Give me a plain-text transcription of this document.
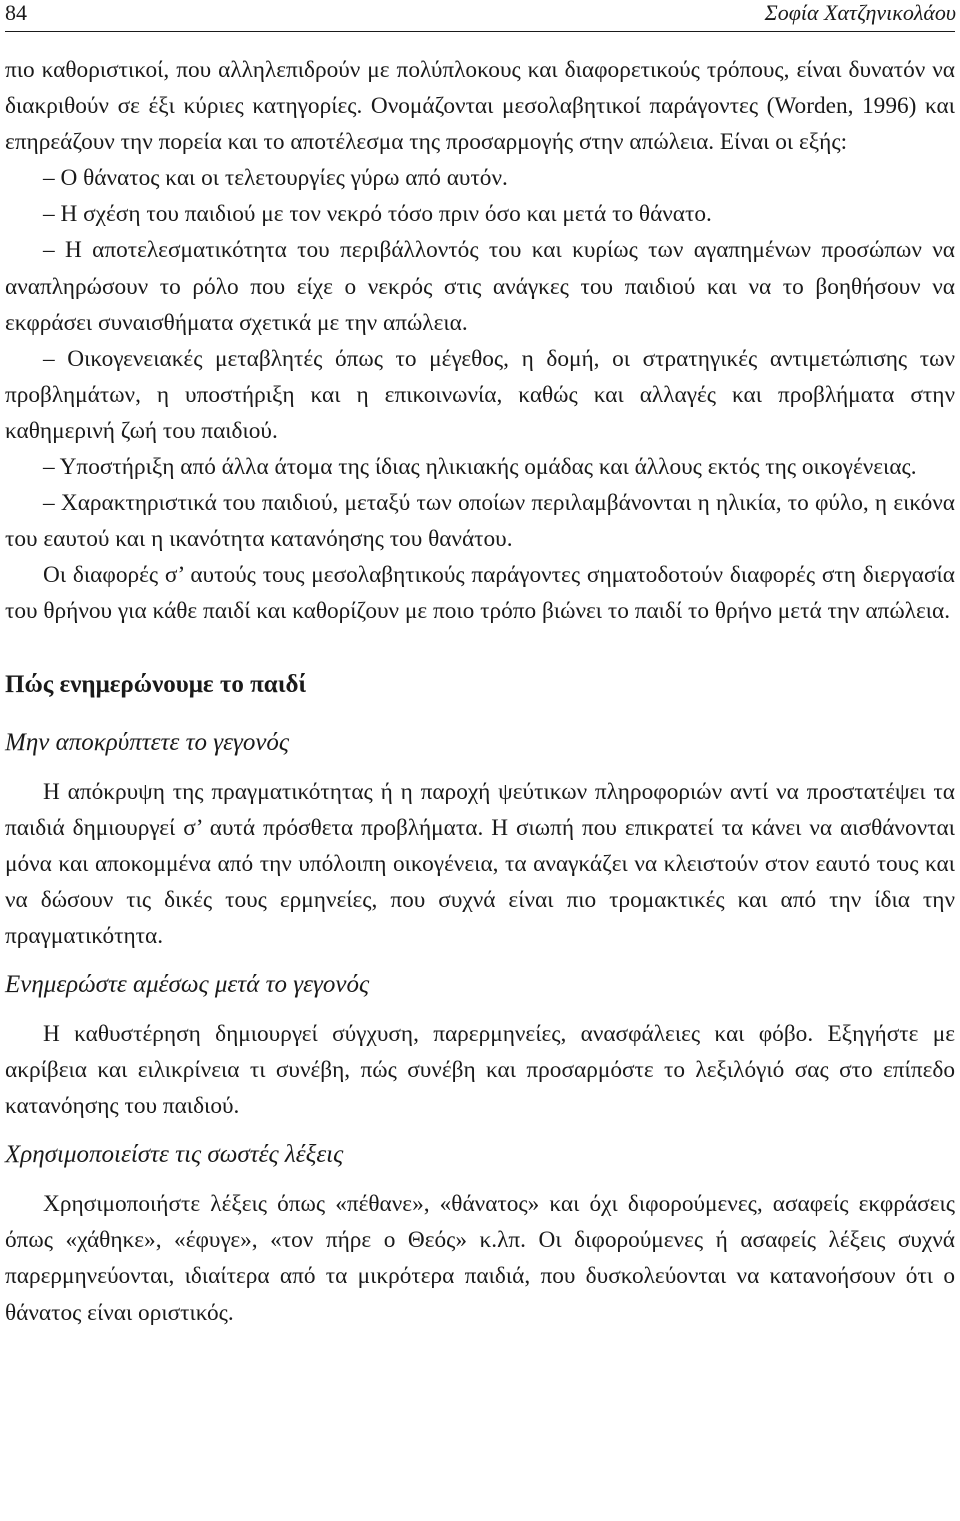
84	Σοφία Χατζηνικολάου

πιο καθοριστικοί, που αλληλεπιδρούν με πολύπλοκους και διαφορετικούς τρόπους, είναι δυνατόν να διακριθούν σε έξι κύριες κατηγορίες. Ονομάζονται μεσολαβητικοί παράγοντες (Worden, 1996) και επηρεάζουν την πορεία και το αποτέλεσμα της προσαρμογής στην απώλεια. Είναι οι εξής:

– Ο θάνατος και οι τελετουργίες γύρω από αυτόν.

– Η σχέση του παιδιού με τον νεκρό τόσο πριν όσο και μετά το θάνατο.

– Η αποτελεσματικότητα του περιβάλλοντός του και κυρίως των αγαπημένων προσώπων να αναπληρώσουν το ρόλο που είχε ο νεκρός στις ανάγκες του παιδιού και να το βοηθήσουν να εκφράσει συναισθήματα σχετικά με την απώλεια.

– Οικογενειακές μεταβλητές όπως το μέγεθος, η δομή, οι στρατηγικές αντιμετώπισης των προβλημάτων, η υποστήριξη και η επικοινωνία, καθώς και αλλαγές και προβλήματα στην καθημερινή ζωή του παιδιού.

– Υποστήριξη από άλλα άτομα της ίδιας ηλικιακής ομάδας και άλλους εκτός της οικογένειας.

– Χαρακτηριστικά του παιδιού, μεταξύ των οποίων περιλαμβάνονται η ηλικία, το φύλο, η εικόνα του εαυτού και η ικανότητα κατανόησης του θανάτου.

Οι διαφορές σ’ αυτούς τους μεσολαβητικούς παράγοντες σηματοδοτούν διαφορές στη διεργασία του θρήνου για κάθε παιδί και καθορίζουν με ποιο τρόπο βιώνει το παιδί το θρήνο μετά την απώλεια.

Πώς ενημερώνουμε το παιδί
Μην αποκρύπτετε το γεγονός

Η απόκρυψη της πραγματικότητας ή η παροχή ψεύτικων πληροφοριών αντί να προστατέψει τα παιδιά δημιουργεί σ’ αυτά πρόσθετα προβλήματα. Η σιωπή που επικρατεί τα κάνει να αισθάνονται μόνα και αποκομμένα από την υπόλοιπη οικογένεια, τα αναγκάζει να κλειστούν στον εαυτό τους και να δώσουν τις δικές τους ερμηνείες, που συχνά είναι πιο τρομακτικές και από την ίδια την πραγματικότητα.

Ενημερώστε αμέσως μετά το γεγονός

Η καθυστέρηση δημιουργεί σύγχυση, παρερμηνείες, ανασφάλειες και φόβο. Εξηγήστε με ακρίβεια και ειλικρίνεια τι συνέβη, πώς συνέβη και προσαρμόστε το λεξιλόγιό σας στο επίπεδο κατανόησης του παιδιού.

Χρησιμοποιείστε τις σωστές λέξεις

Χρησιμοποιήστε λέξεις όπως «πέθανε», «θάνατος» και όχι διφορούμενες, ασαφείς εκφράσεις όπως «χάθηκε», «έφυγε», «τον πήρε ο Θεός» κ.λπ. Οι διφορούμενες ή ασαφείς λέξεις συχνά παρερμηνεύονται, ιδιαίτερα από τα μικρότερα παιδιά, που δυσκολεύονται να κατανοήσουν ότι ο θάνατος είναι οριστικός.
